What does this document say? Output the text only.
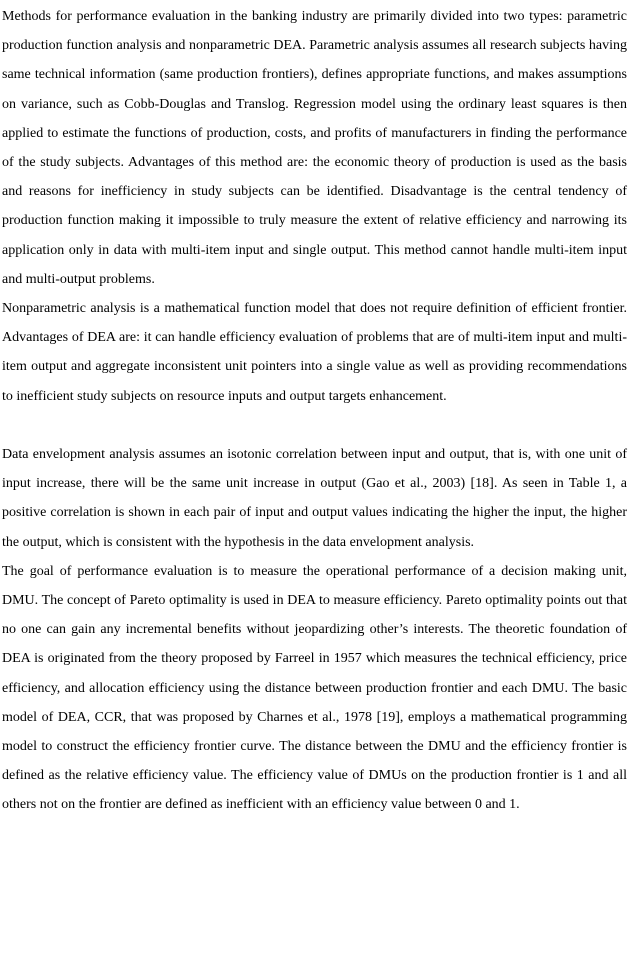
Methods for performance evaluation in the banking industry are primarily divided into two types: parametric production function analysis and nonparametric DEA. Parametric analysis assumes all research subjects having same technical information (same production frontiers), defines appropriate functions, and makes assumptions on variance, such as Cobb-Douglas and Translog. Regression model using the ordinary least squares is then applied to estimate the functions of production, costs, and profits of manufacturers in finding the performance of the study subjects. Advantages of this method are: the economic theory of production is used as the basis and reasons for inefficiency in study subjects can be identified. Disadvantage is the central tendency of production function making it impossible to truly measure the extent of relative efficiency and narrowing its application only in data with multi-item input and single output. This method cannot handle multi-item input and multi-output problems.

Nonparametric analysis is a mathematical function model that does not require definition of efficient frontier. Advantages of DEA are: it can handle efficiency evaluation of problems that are of multi-item input and multi-item output and aggregate inconsistent unit pointers into a single value as well as providing recommendations to inefficient study subjects on resource inputs and output targets enhancement.

Data envelopment analysis assumes an isotonic correlation between input and output, that is, with one unit of input increase, there will be the same unit increase in output (Gao et al., 2003) [18]. As seen in Table 1, a positive correlation is shown in each pair of input and output values indicating the higher the input, the higher the output, which is consistent with the hypothesis in the data envelopment analysis.

The goal of performance evaluation is to measure the operational performance of a decision making unit, DMU. The concept of Pareto optimality is used in DEA to measure efficiency. Pareto optimality points out that no one can gain any incremental benefits without jeopardizing other’s interests. The theoretic foundation of DEA is originated from the theory proposed by Farreel in 1957 which measures the technical efficiency, price efficiency, and allocation efficiency using the distance between production frontier and each DMU. The basic model of DEA, CCR, that was proposed by Charnes et al., 1978 [19], employs a mathematical programming model to construct the efficiency frontier curve. The distance between the DMU and the efficiency frontier is defined as the relative efficiency value. The efficiency value of DMUs on the production frontier is 1 and all others not on the frontier are defined as inefficient with an efficiency value between 0 and 1.
